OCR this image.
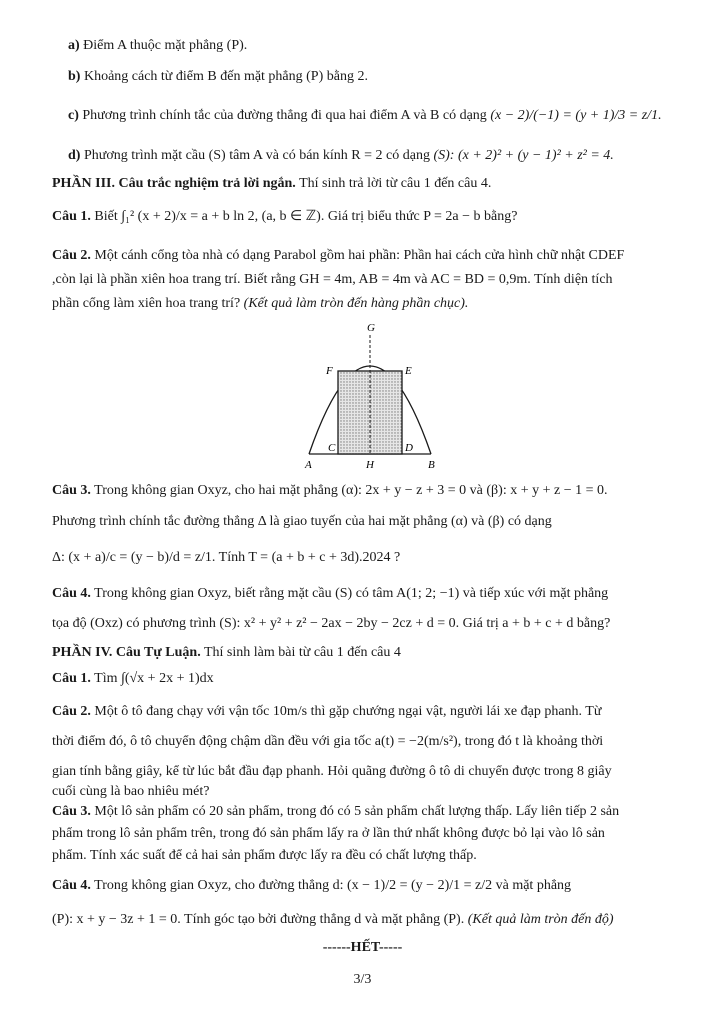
a) Điểm A thuộc mặt phẳng (P).
b) Khoảng cách từ điểm B đến mặt phẳng (P) bằng 2.
c) Phương trình chính tắc của đường thẳng đi qua hai điểm A và B có dạng (x − 2)/(−1) = (y + 1)/3 = z/1.
d) Phương trình mặt cầu (S) tâm A và có bán kính R = 2 có dạng (S): (x + 2)² + (y − 1)² + z² = 4.
PHẦN III. Câu trắc nghiệm trả lời ngắn. Thí sinh trả lời từ câu 1 đến câu 4.
Câu 1. Biết ∫₁² (x + 2)/x = a + b ln 2, (a, b ∈ ℤ). Giá trị biểu thức P = 2a − b bằng?
Câu 2. Một cánh cổng tòa nhà có dạng Parabol gồm hai phần: Phần hai cách cửa hình chữ nhật CDEF
,còn lại là phần xiên hoa trang trí. Biết rằng GH = 4m, AB = 4m và AC = BD = 0,9m. Tính diện tích
phần cổng làm xiên hoa trang trí? (Kết quả làm tròn đến hàng phần chục).
G
F	E
C	D
A	H	B
Câu 3. Trong không gian Oxyz, cho hai mặt phẳng (α): 2x + y − z + 3 = 0 và (β): x + y + z − 1 = 0.
Phương trình chính tắc đường thẳng Δ là giao tuyến của hai mặt phẳng (α) và (β) có dạng
Δ: (x + a)/c = (y − b)/d = z/1. Tính T = (a + b + c + 3d).2024 ?
Câu 4. Trong không gian Oxyz, biết rằng mặt cầu (S) có tâm A(1; 2; −1) và tiếp xúc với mặt phẳng
tọa độ (Oxz) có phương trình (S): x² + y² + z² − 2ax − 2by − 2cz + d = 0. Giá trị a + b + c + d bằng?
PHẦN IV. Câu Tự Luận. Thí sinh làm bài từ câu 1 đến câu 4
Câu 1. Tìm ∫(√x + 2x + 1)dx
Câu 2. Một ô tô đang chạy với vận tốc 10m/s thì gặp chướng ngại vật, người lái xe đạp phanh. Từ
thời điểm đó, ô tô chuyển động chậm dần đều với gia tốc a(t) = −2(m/s²), trong đó t là khoảng thời
gian tính bằng giây, kể từ lúc bắt đầu đạp phanh. Hỏi quãng đường ô tô di chuyển được trong 8 giây
cuối cùng là bao nhiêu mét?
Câu 3. Một lô sản phẩm có 20 sản phẩm, trong đó có 5 sản phẩm chất lượng thấp. Lấy liên tiếp 2 sản
phẩm trong lô sản phẩm trên, trong đó sản phẩm lấy ra ở lần thứ nhất không được bỏ lại vào lô sản
phẩm. Tính xác suất để cả hai sản phẩm được lấy ra đều có chất lượng thấp.
Câu 4. Trong không gian Oxyz, cho đường thẳng d: (x − 1)/2 = (y − 2)/1 = z/2 và mặt phẳng
(P): x + y − 3z + 1 = 0. Tính góc tạo bởi đường thẳng d và mặt phẳng (P). (Kết quả làm tròn đến độ)
------HẾT-----
3/3
